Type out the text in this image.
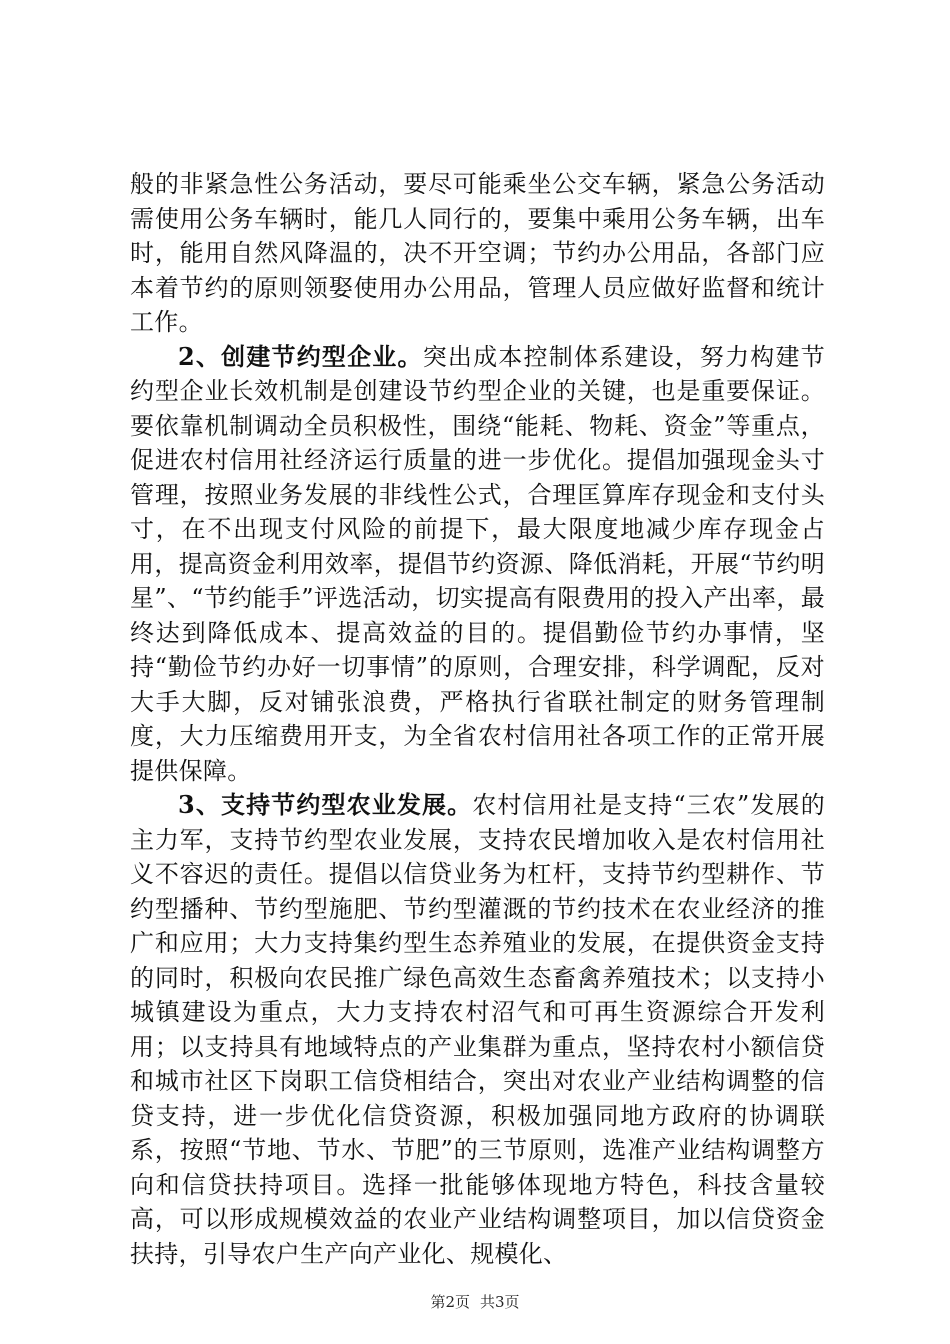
般的非紧急性公务活动，要尽可能乘坐公交车辆，紧急公务活动需使用公务车辆时，能几人同行的，要集中乘用公务车辆，出车时，能用自然风降温的，决不开空调；节约办公用品，各部门应本着节约的原则领娶使用办公用品，管理人员应做好监督和统计工作。

2、创建节约型企业。突出成本控制体系建设，努力构建节约型企业长效机制是创建设节约型企业的关键，也是重要保证。要依靠机制调动全员积极性，围绕“能耗、物耗、资金”等重点，促进农村信用社经济运行质量的进一步优化。提倡加强现金头寸管理，按照业务发展的非线性公式，合理匡算库存现金和支付头寸，在不出现支付风险的前提下，最大限度地减少库存现金占用，提高资金利用效率，提倡节约资源、降低消耗，开展“节约明星”、“节约能手”评选活动，切实提高有限费用的投入产出率，最终达到降低成本、提高效益的目的。提倡勤俭节约办事情，坚持“勤俭节约办好一切事情”的原则，合理安排，科学调配，反对大手大脚，反对铺张浪费，严格执行省联社制定的财务管理制度，大力压缩费用开支，为全省农村信用社各项工作的正常开展提供保障。

3、支持节约型农业发展。农村信用社是支持“三农”发展的主力军，支持节约型农业发展，支持农民增加收入是农村信用社义不容迟的责任。提倡以信贷业务为杠杆，支持节约型耕作、节约型播种、节约型施肥、节约型灌溉的节约技术在农业经济的推广和应用；大力支持集约型生态养殖业的发展，在提供资金支持的同时，积极向农民推广绿色高效生态畜禽养殖技术；以支持小城镇建设为重点，大力支持农村沼气和可再生资源综合开发利用；以支持具有地域特点的产业集群为重点，坚持农村小额信贷和城市社区下岗职工信贷相结合，突出对农业产业结构调整的信贷支持，进一步优化信贷资源，积极加强同地方政府的协调联系，按照“节地、节水、节肥”的三节原则，选准产业结构调整方向和信贷扶持项目。选择一批能够体现地方特色，科技含量较高，可以形成规模效益的农业产业结构调整项目，加以信贷资金扶持，引导农户生产向产业化、规模化、

第2页 共3页
